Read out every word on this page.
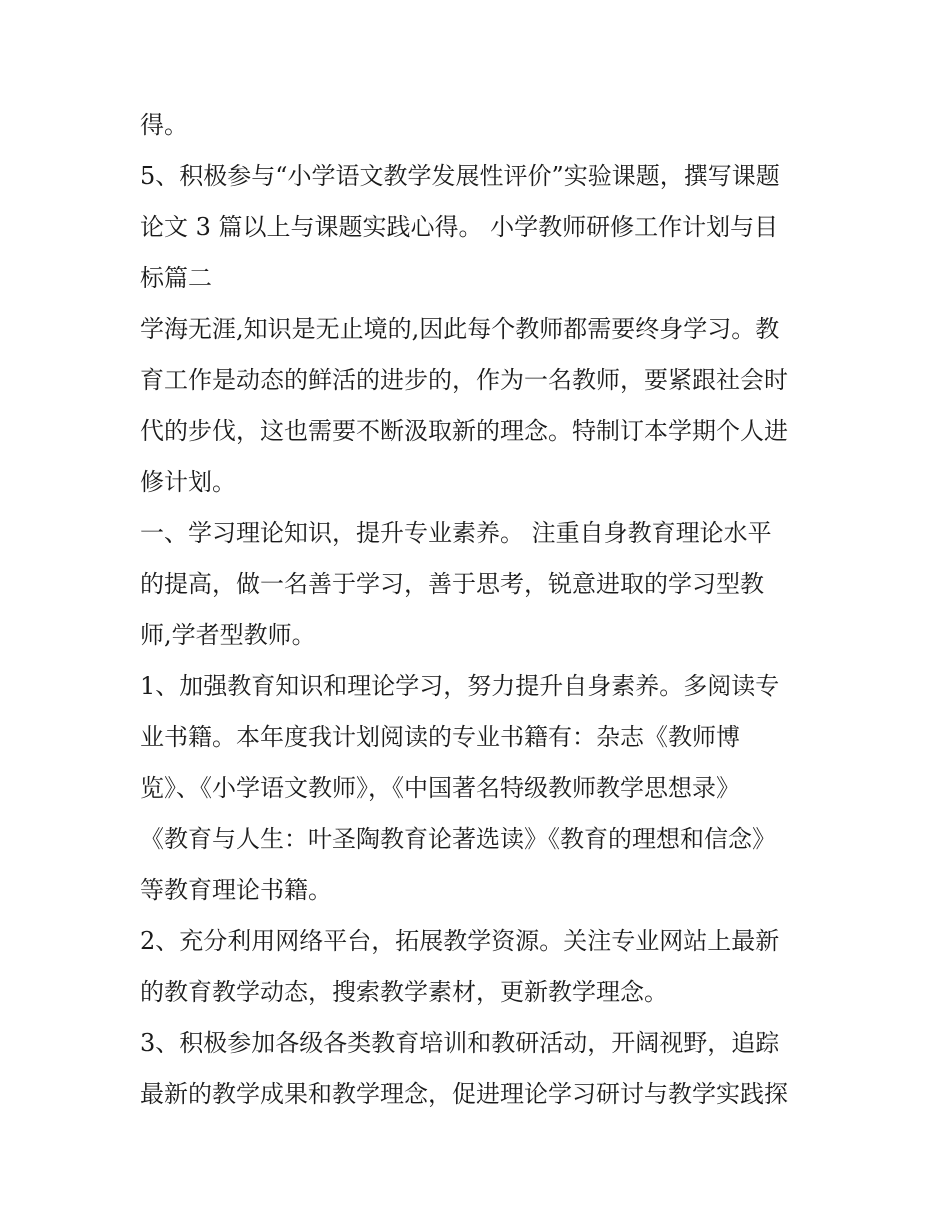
得。
5、积极参与“小学语文教学发展性评价”实验课题，撰写课题
论文 3 篇以上与课题实践心得。 小学教师研修工作计划与目
标篇二
学海无涯,知识是无止境的,因此每个教师都需要终身学习。教
育工作是动态的鲜活的进步的，作为一名教师，要紧跟社会时
代的步伐，这也需要不断汲取新的理念。特制订本学期个人进
修计划。
一、学习理论知识，提升专业素养。 注重自身教育理论水平
的提高，做一名善于学习，善于思考，锐意进取的学习型教
师,学者型教师。
1、加强教育知识和理论学习，努力提升自身素养。多阅读专
业书籍。本年度我计划阅读的专业书籍有：杂志《教师博
览》、《小学语文教师》，《中国著名特级教师教学思想录》
《教育与人生：叶圣陶教育论著选读》《教育的理想和信念》
等教育理论书籍。
2、充分利用网络平台，拓展教学资源。关注专业网站上最新
的教育教学动态，搜索教学素材，更新教学理念。
3、积极参加各级各类教育培训和教研活动，开阔视野，追踪
最新的教学成果和教学理念，促进理论学习研讨与教学实践探
